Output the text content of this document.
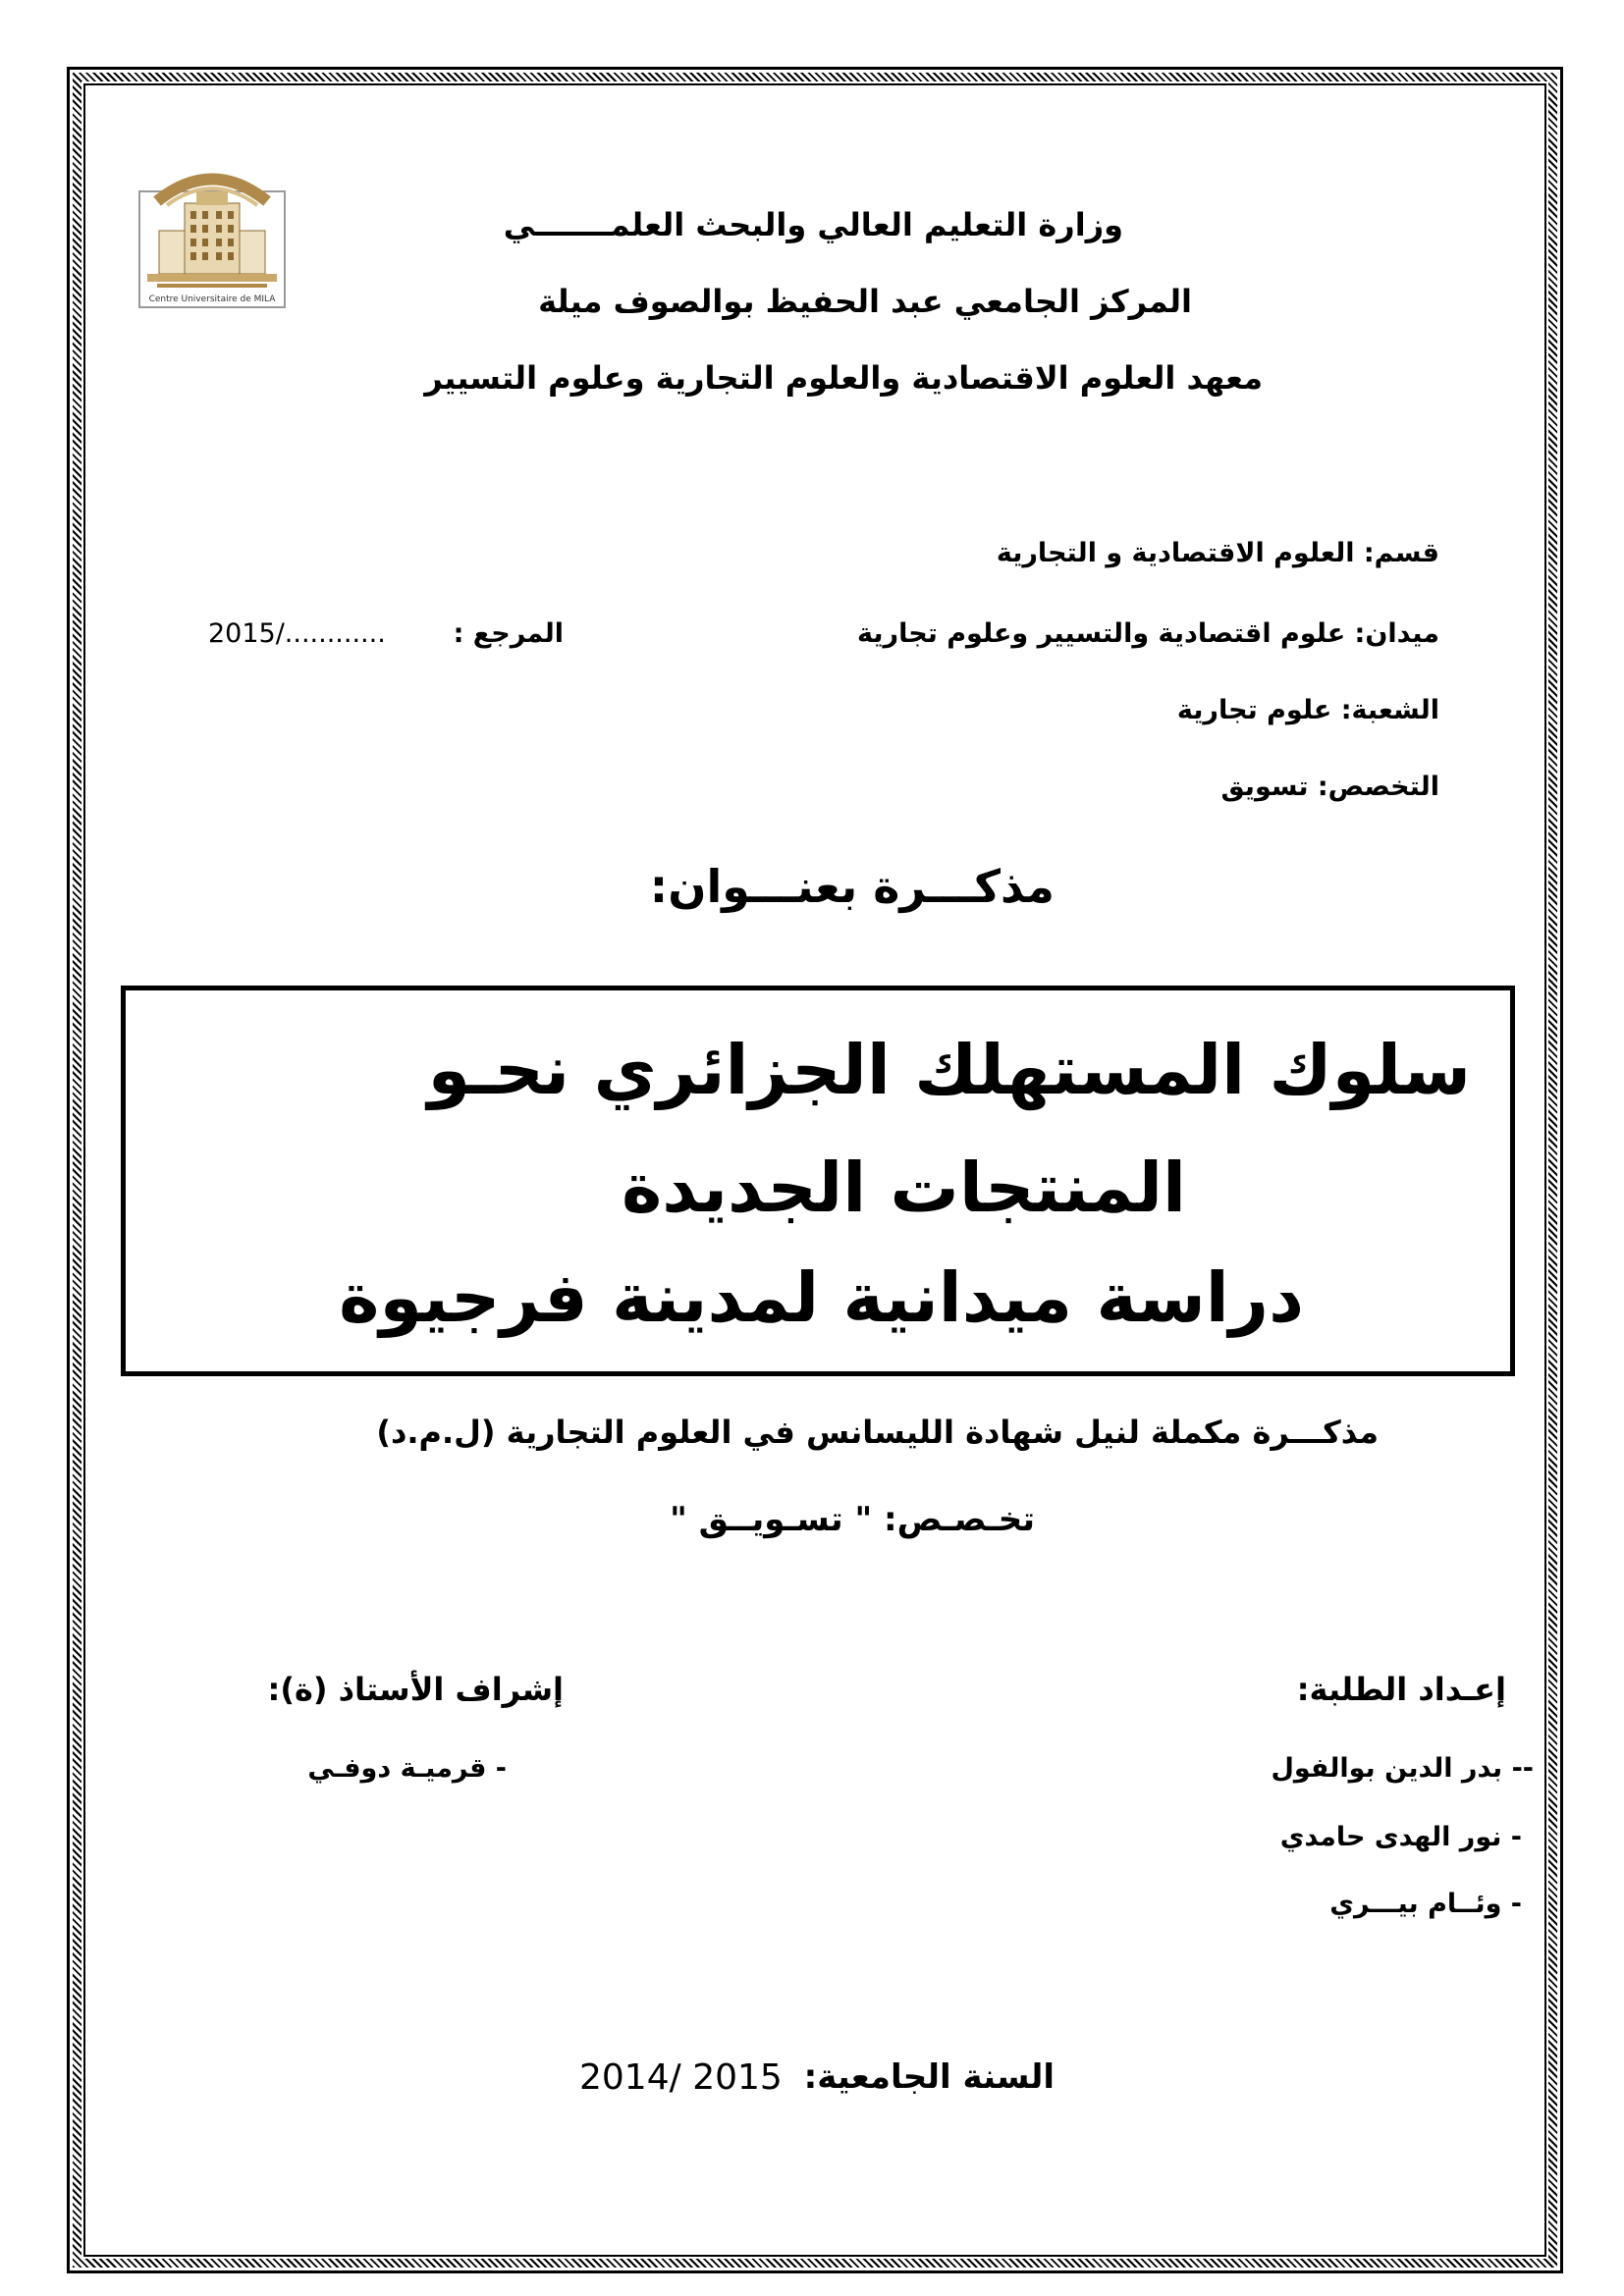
Centre Universitaire de MILA
وزارة التعليم العالي والبحث العلمـــــــي
المركز الجامعي عبد الحفيظ بوالصوف ميلة
معهد العلوم الاقتصادية والعلوم التجارية وعلوم التسيير
قسم: العلوم الاقتصادية و التجارية
ميدان: علوم اقتصادية والتسيير وعلوم تجارية
المرجع :
2015/............
الشعبة: علوم تجارية
التخصص: تسويق
مذكـــرة بعنـــوان:
سلوك المستهلك الجزائري نحـو
المنتجات الجديدة
دراسة ميدانية لمدينة فرجيوة
مذكـــرة مكملة لنيل شهادة الليسانس في العلوم التجارية (ل.م.د)
تخـصـص: " تسـويــق "
إعـداد الطلبة:
-- بدر الدين بوالفول
- نور الهدى حامدي
- وئــام بيـــري
إشراف الأستاذ (ة):
- قرميـة دوفـي
السنة الجامعية:
2014/ 2015
